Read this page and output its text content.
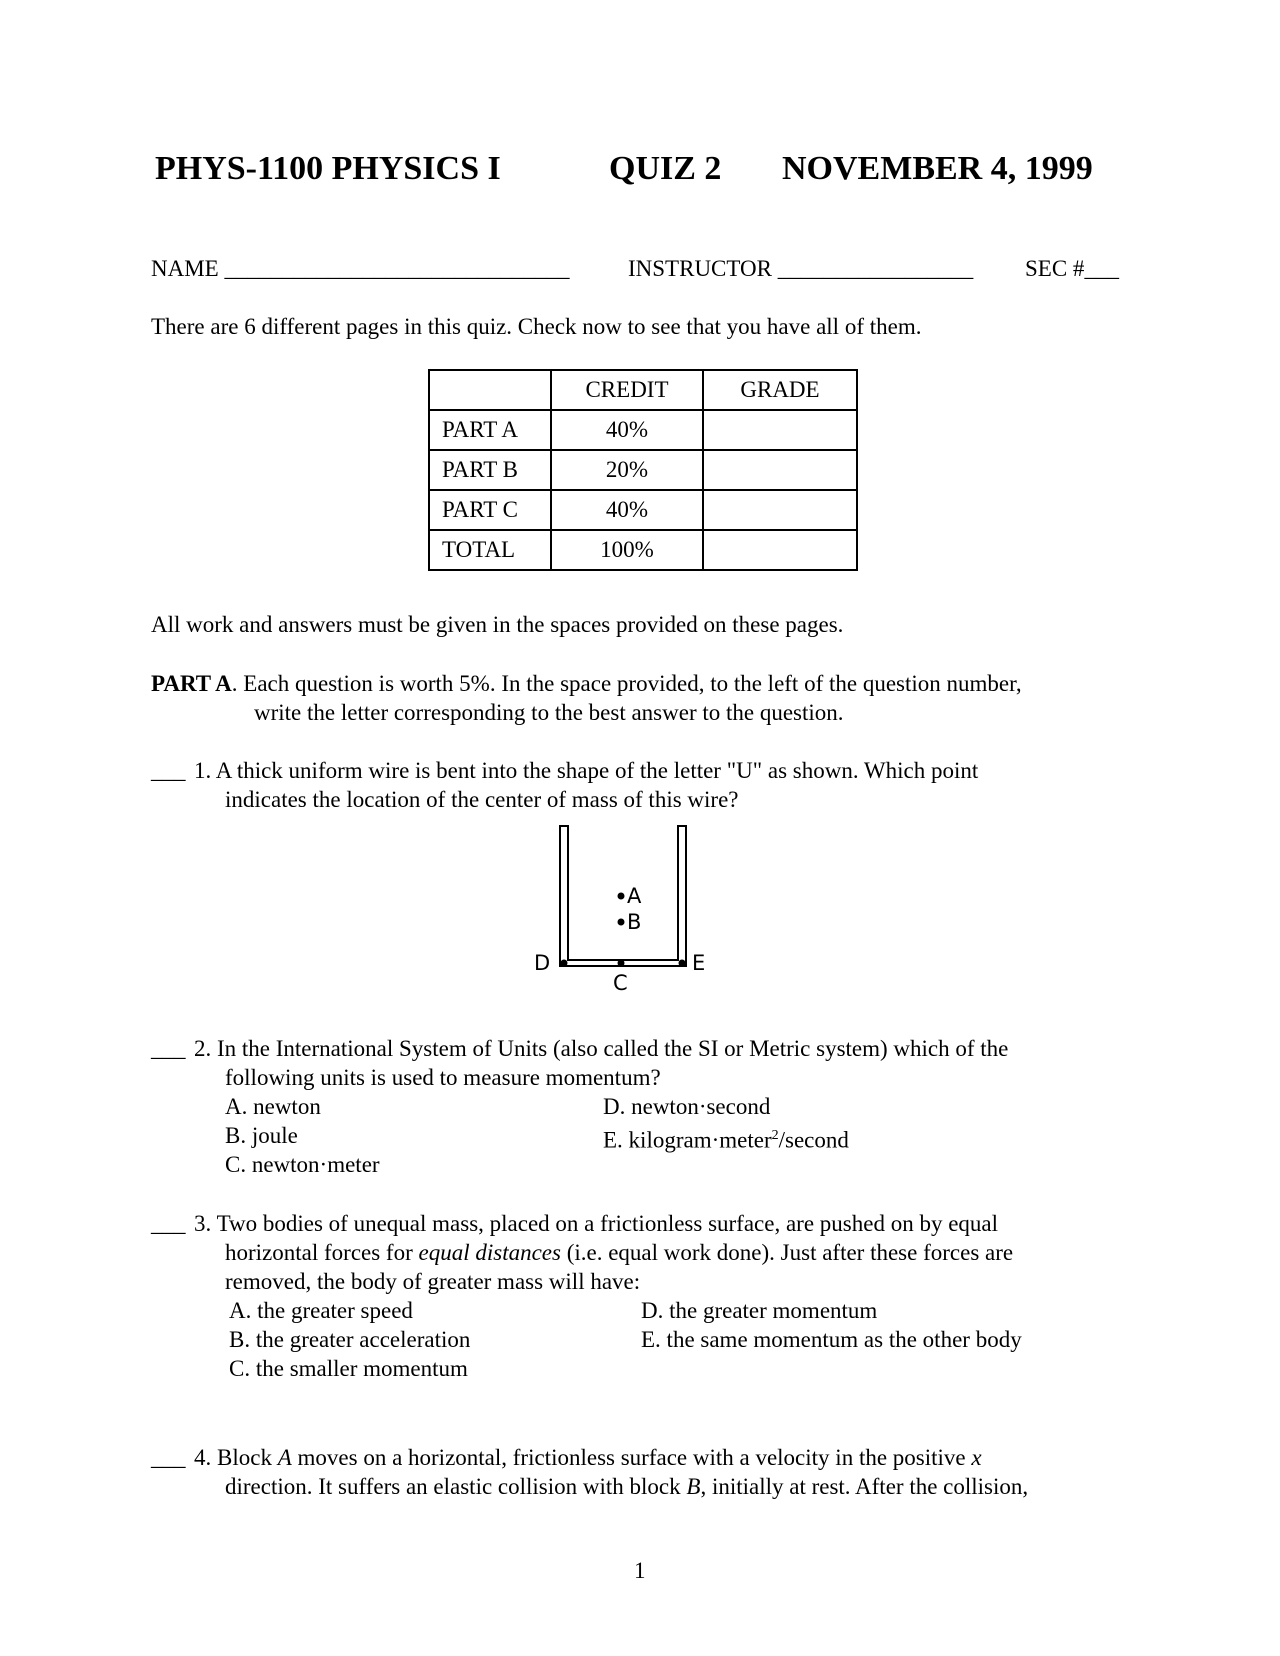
PHYS-1100 PHYSICS I	QUIZ 2 NOVEMBER 4, 1999
NAME ______________________________	INSTRUCTOR _________________ SEC #___
There are 6 different pages in this quiz. Check now to see that you have all of them.
	CREDIT	GRADE
PART A	40%	
PART B	20%	
PART C	40%	
TOTAL	100%	
All work and answers must be given in the spaces provided on these pages.
PART A. Each question is worth 5%. In the space provided, to the left of the question number,
write the letter corresponding to the best answer to the question.
___ 1. A thick uniform wire is bent into the shape of the letter "U" as shown. Which point
indicates the location of the center of mass of this wire?
A
B
C
D	E
___ 2. In the International System of Units (also called the SI or Metric system) which of the
following units is used to measure momentum?
A. newton
B. joule
C. newton·meter
D. newton·second
E. kilogram·meter$^2$/second
___ 3. Two bodies of unequal mass, placed on a frictionless surface, are pushed on by equal
horizontal forces for equal distances (i.e. equal work done). Just after these forces are
removed, the body of greater mass will have:
A. the greater speed
B. the greater acceleration
C. the smaller momentum
D. the greater momentum
E. the same momentum as the other body
___ 4. Block A moves on a horizontal, frictionless surface with a velocity in the positive x
direction. It suffers an elastic collision with block B, initially at rest. After the collision,
1
